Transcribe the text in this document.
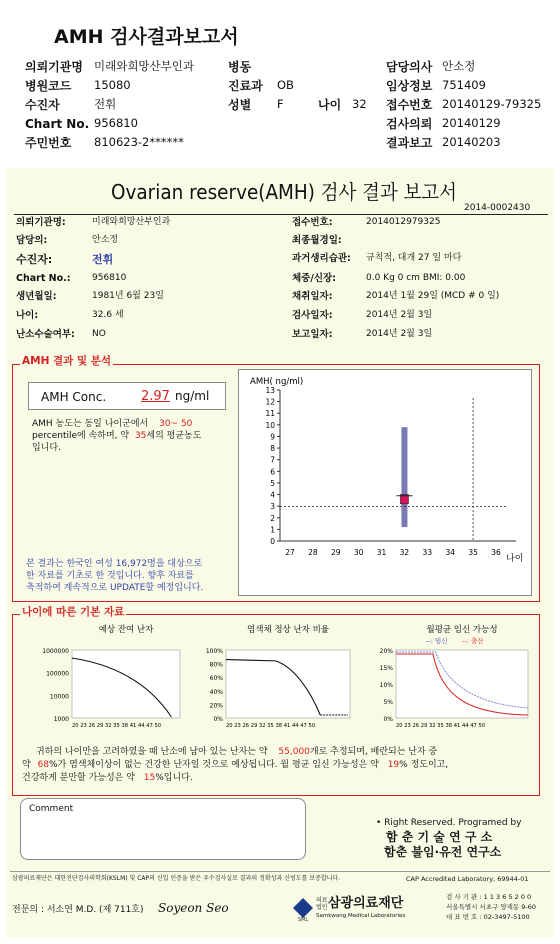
AMH 검사결과보고서
의뢰기관명 미래와희망산부인과	병동	담당의사 안소정
병원코드 15080	진료과 OB	임상정보 751409
수진자	전휘	성별 F	나이 32 접수번호 20140129-79325
Chart No. 956810	검사의뢰 20140129
주민번호 810623-2******	결과보고 20140203
Ovarian reserve(AMH) 검사 결과 보고서
2014-0002430
의뢰기관명:	미래와희망산부인과
담당의:	안소정
수진자:	전휘
Chart No.: 956810
생년월일:	1981년 6월 23일
나이:	32.6 세
난소수술여부: NO
접수번호:	2014012979325
최종월경일:
과거생리습관: 규칙적, 대개 27 일 마다
체중/신장:	0.0 Kg 0 cm BMI: 0.00
채취일자:	2014년 1월 29일 (MCD # 0 일)
검사일자:	2014년 2월 3일
보고일자:	2014년 2월 3일
AMH 결과 및 분석
AMH Conc.	2.97 ng/ml
AMH 농도는 동일 나이군에서 30~ 50
percentile에 속하며, 약 35세의 평균농도
입니다.
본 결과는 한국인 여성 16,972명을 대상으로
한 자료를 기초로 한 것입니다. 향후 자료를
축적하여 계속적으로 UPDATE할 예정입니다.
0
1
2
3
4
5
6
7
8
9
10
11
12
13
27 28 29 30 31 32 33 34 35 36
AMH( ng/ml)
나이
나이에 따른 기본 자료
예상 잔여 난자
1000000
100000
10000
1000
20 23 26 29 32 35 38 41 44 47 50
염색체 정상 난자 비율
100%
80%
60%
40%
20%
0%
20 23 26 29 32 35 38 41 44 47 50
월평균 임신 가능성
20%
15%
10%
5%
0%
20 23 26 29 32 35 38 41 44 47 50
--: 임신 --: 출산
귀하의 나이만을 고려하였을 때 난소에 남아 있는 난자는 약 55,000개로 추정되며, 배란되는 난자 중
약 68%가 염색체이상이 없는 건강한 난자일 것으로 예상됩니다. 월 평균 임신 가능성은 약 19% 정도이고,
건강하게 분만할 가능성은 약 15%입니다.
Comment
• Right Reserved. Programed by
함 춘 기 술 연 구 소
함춘 불임·유전 연구소
삼광의료재단은 대한진단검사의학회(KSLM) 및 CAP의 신입 인증을 받은 우수검사실로 결과의 정확성과 신빙도를 보증합니다.	CAP Accredited Laboratory, 69944-01
전문의 : 서소연 M.D. (제 711호) Soyeon Seo
SML
의료
법인 삼광의료재단
Samkwang Medical Laboratories
검 사 기 관 : 1 1 3 6 5 2 0 0
서울특별시 서초구 양재동 9-60
대 표 번 호 : 02-3497-5100
